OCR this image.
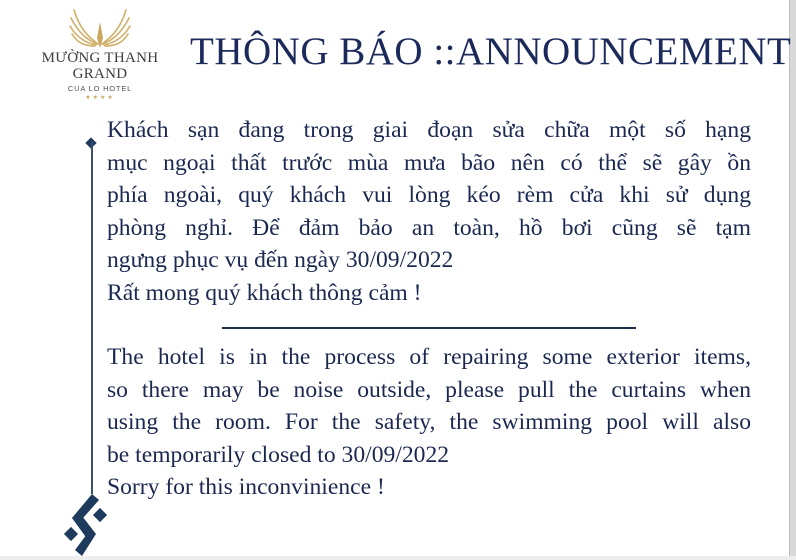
MƯỜNG THANH
GRAND
CUA LO HOTEL
★★★★
THÔNG BÁO ::ANNOUNCEMENT

Khách sạn đang trong giai đoạn sửa chữa một số hạng
mục ngoại thất trước mùa mưa bão nên có thể sẽ gây ồn
phía ngoài, quý khách vui lòng kéo rèm cửa khi sử dụng
phòng nghỉ. Để đảm bảo an toàn, hồ bơi cũng sẽ tạm
ngưng phục vụ đến ngày 30/09/2022
Rất mong quý khách thông cảm !

The hotel is in the process of repairing some exterior items,
so there may be noise outside, please pull the curtains when
using the room. For the safety, the swimming pool will also
be temporarily closed to 30/09/2022
Sorry for this inconvinience !
